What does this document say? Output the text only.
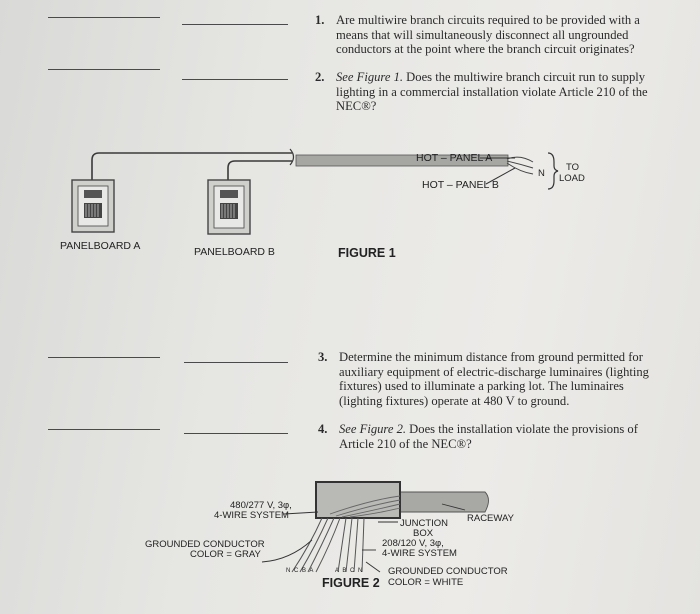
1. Are multiwire branch circuits required to be provided with a means that will simultaneously disconnect all ungrounded conductors at the point where the branch circuit originates?
2. See Figure 1. Does the multiwire branch circuit run to supply lighting in a commercial installation violate Article 210 of the NEC®?
3. Determine the minimum distance from ground permitted for auxiliary equipment of electric-discharge luminaires (lighting fixtures) used to illuminate a parking lot. The luminaires (lighting fixtures) operate at 480 V to ground.
4. See Figure 2. Does the installation violate the provisions of Article 210 of the NEC®?
HOT – PANEL A
HOT – PANEL B
N
TO
LOAD
PANELBOARD A	PANELBOARD B	FIGURE 1
480/277 V, 3φ,
4-WIRE SYSTEM
GROUNDED CONDUCTOR
COLOR = GRAY
RACEWAY
JUNCTION
BOX
208/120 V, 3φ,
4-WIRE SYSTEM
N C B A	A B C N	GROUNDED CONDUCTOR
COLOR = WHITE
FIGURE 2
